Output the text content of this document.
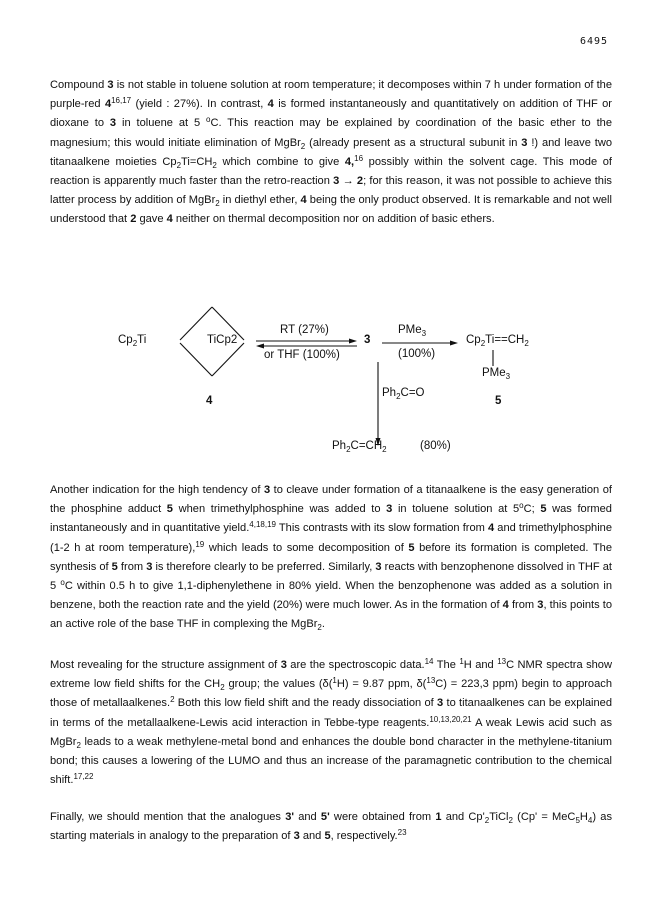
6495

Compound 3 is not stable in toluene solution at room temperature; it decomposes within 7 h under formation of the purple-red 4$^{16,17}$ (yield : 27%). In contrast, 4 is formed instantaneously and quantitatively on addition of THF or dioxane to 3 in toluene at 5 $^o$C. This reaction may be explained by coordination of the basic ether to the magnesium; this would initiate elimination of MgBr$_2$ (already present as a structural subunit in 3 !) and leave two titanaalkene moieties $Cp_2Ti=CH_2$ which combine to give 4,16 possibly within the solvent cage. This mode of reaction is apparently much faster than the retro-reaction 3 → 2; for this reason, it was not possible to achieve this latter process by addition of MgBr$_2$ in diethyl ether, 4 being the only product observed. It is remarkable and not well understood that 2 gave 4 neither on thermal decomposition nor on addition of basic ethers.

$Cp_2Ti$	TiCp2
4
RT (27%)
or THF (100%)
3
PMe$_3$
(100%)
$Cp_2Ti==CH_2$
PMe$_3$
5
$Ph_2C=O$
$Ph_2C=CH_2$	(80%)

Another indication for the high tendency of 3 to cleave under formation of a titanaalkene is the easy generation of the phosphine adduct 5 when trimethylphosphine was added to 3 in toluene solution at 5$^o$C; 5 was formed instantaneously and in quantitative yield.$^{4,18,19}$ This contrasts with its slow formation from 4 and trimethylphosphine (1-2 h at room temperature),$^{19}$ which leads to some decomposition of 5 before its formation is completed. The synthesis of 5 from 3 is therefore clearly to be preferred. Similarly, 3 reacts with benzophenone dissolved in THF at 5 $^o$C within 0.5 h to give 1,1-diphenylethene in 80% yield. When the benzophenone was added as a solution in benzene, both the reaction rate and the yield (20%) were much lower. As in the formation of 4 from 3, this points to an active role of the base THF in complexing the MgBr$_2$.

Most revealing for the structure assignment of 3 are the spectroscopic data.$^{14}$ The $^1$H and $^{13}$C NMR spectra show extreme low field shifts for the $CH_2$ group; the values (δ($^1$H) = 9.87 ppm, δ($^{13}$C) = 223,3 ppm) begin to approach those of metallaalkenes.$^2$ Both this low field shift and the ready dissociation of 3 to titanaalkenes can be explained in terms of the metallaalkene-Lewis acid interaction in Tebbe-type reagents.$^{10,13,20,21}$ A weak Lewis acid such as MgBr$_2$ leads to a weak methylene-metal bond and enhances the double bond character in the methylene-titanium bond; this causes a lowering of the LUMO and thus an increase of the paramagnetic contribution to the chemical shift.$^{17,22}$

Finally, we should mention that the analogues 3' and 5' were obtained from 1 and $Cp'_2TiCl_2$ $(Cp' = MeC_5H_4)$ as starting materials in analogy to the preparation of 3 and 5, respectively.$^{23}$
